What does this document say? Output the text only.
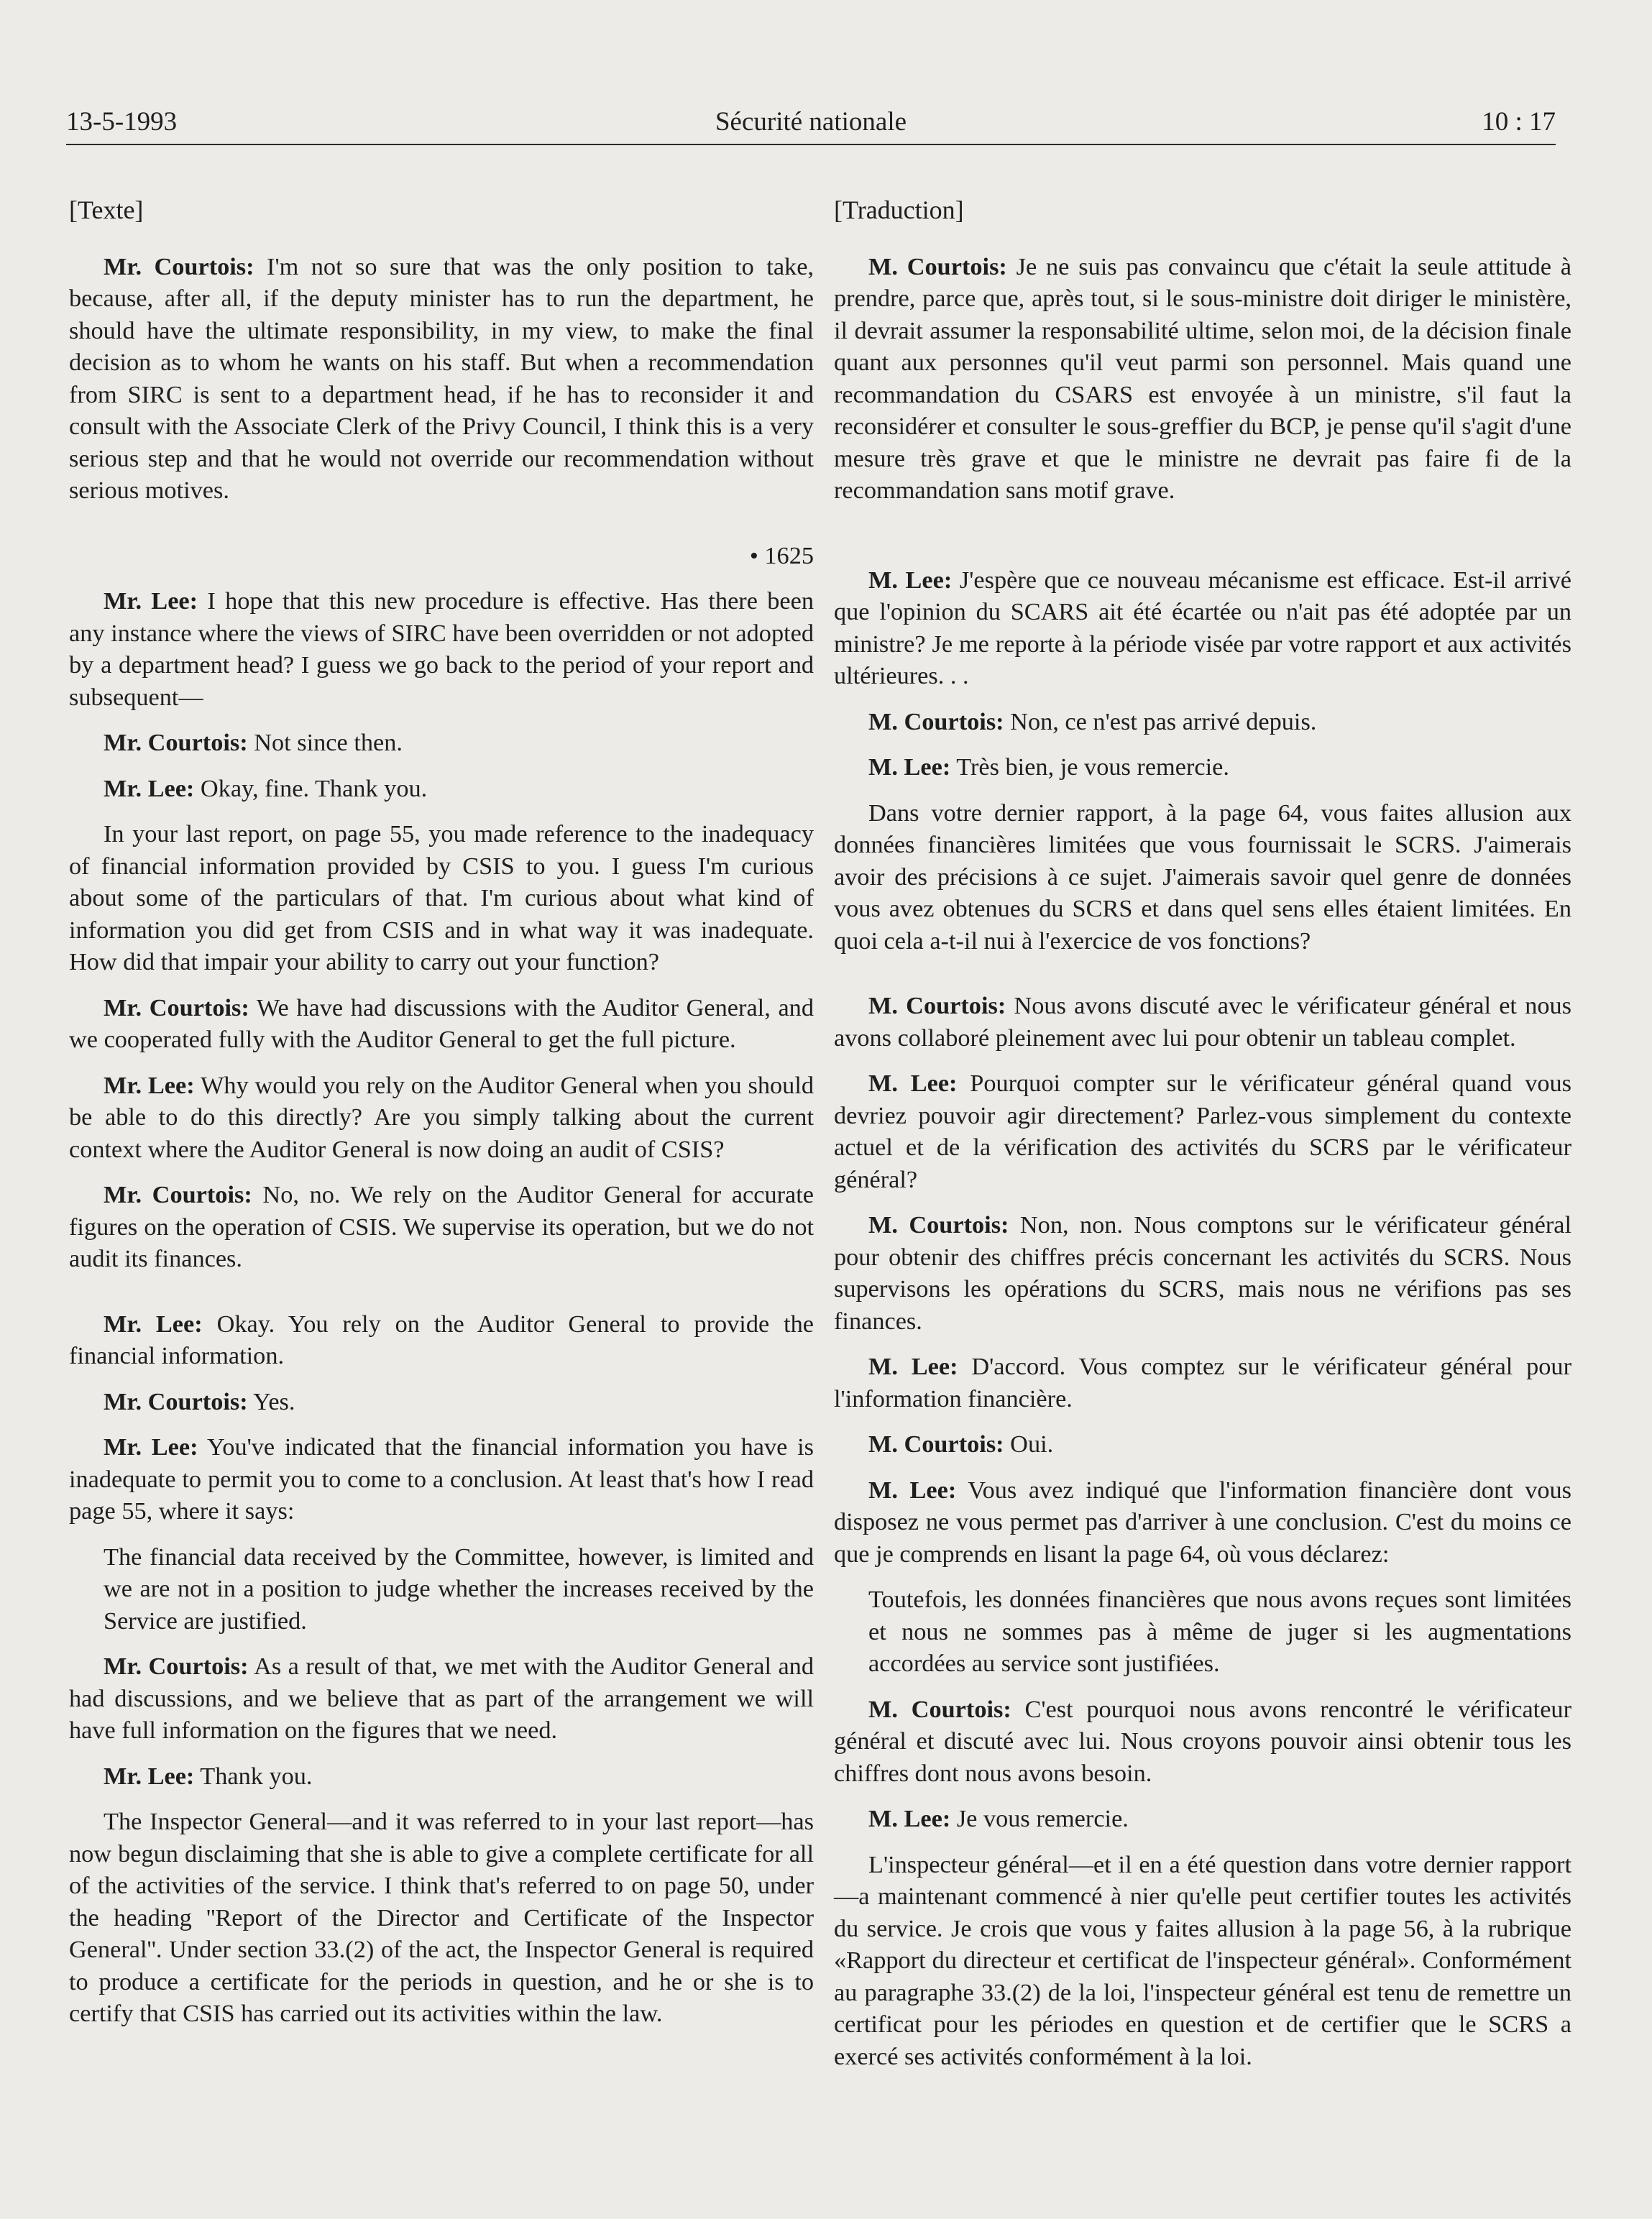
13-5-1993	Sécurité nationale	10 : 17

[Texte]

Mr. Courtois: I'm not so sure that was the only position to take, because, after all, if the deputy minister has to run the department, he should have the ultimate responsibility, in my view, to make the final decision as to whom he wants on his staff. But when a recommendation from SIRC is sent to a department head, if he has to reconsider it and consult with the Associate Clerk of the Privy Council, I think this is a very serious step and that he would not override our recommendation without serious motives.

• 1625

Mr. Lee: I hope that this new procedure is effective. Has there been any instance where the views of SIRC have been overridden or not adopted by a department head? I guess we go back to the period of your report and subsequent—

Mr. Courtois: Not since then.

Mr. Lee: Okay, fine. Thank you.

In your last report, on page 55, you made reference to the inadequacy of financial information provided by CSIS to you. I guess I'm curious about some of the particulars of that. I'm curious about what kind of information you did get from CSIS and in what way it was inadequate. How did that impair your ability to carry out your function?

Mr. Courtois: We have had discussions with the Auditor General, and we cooperated fully with the Auditor General to get the full picture.

Mr. Lee: Why would you rely on the Auditor General when you should be able to do this directly? Are you simply talking about the current context where the Auditor General is now doing an audit of CSIS?

Mr. Courtois: No, no. We rely on the Auditor General for accurate figures on the operation of CSIS. We supervise its operation, but we do not audit its finances.

Mr. Lee: Okay. You rely on the Auditor General to provide the financial information.

Mr. Courtois: Yes.

Mr. Lee: You've indicated that the financial information you have is inadequate to permit you to come to a conclusion. At least that's how I read page 55, where it says:

The financial data received by the Committee, however, is limited and we are not in a position to judge whether the increases received by the Service are justified.

Mr. Courtois: As a result of that, we met with the Auditor General and had discussions, and we believe that as part of the arrangement we will have full information on the figures that we need.

Mr. Lee: Thank you.

The Inspector General—and it was referred to in your last report—has now begun disclaiming that she is able to give a complete certificate for all of the activities of the service. I think that's referred to on page 50, under the heading ''Report of the Director and Certificate of the Inspector General''. Under section 33.(2) of the act, the Inspector General is required to produce a certificate for the periods in question, and he or she is to certify that CSIS has carried out its activities within the law.

[Traduction]

M. Courtois: Je ne suis pas convaincu que c'était la seule attitude à prendre, parce que, après tout, si le sous-ministre doit diriger le ministère, il devrait assumer la responsabilité ultime, selon moi, de la décision finale quant aux personnes qu'il veut parmi son personnel. Mais quand une recommandation du CSARS est envoyée à un ministre, s'il faut la reconsidérer et consulter le sous-greffier du BCP, je pense qu'il s'agit d'une mesure très grave et que le ministre ne devrait pas faire fi de la recommandation sans motif grave.

M. Lee: J'espère que ce nouveau mécanisme est efficace. Est-il arrivé que l'opinion du SCARS ait été écartée ou n'ait pas été adoptée par un ministre? Je me reporte à la période visée par votre rapport et aux activités ultérieures. . .

M. Courtois: Non, ce n'est pas arrivé depuis.

M. Lee: Très bien, je vous remercie.

Dans votre dernier rapport, à la page 64, vous faites allusion aux données financières limitées que vous fournissait le SCRS. J'aimerais avoir des précisions à ce sujet. J'aimerais savoir quel genre de données vous avez obtenues du SCRS et dans quel sens elles étaient limitées. En quoi cela a-t-il nui à l'exercice de vos fonctions?

M. Courtois: Nous avons discuté avec le vérificateur général et nous avons collaboré pleinement avec lui pour obtenir un tableau complet.

M. Lee: Pourquoi compter sur le vérificateur général quand vous devriez pouvoir agir directement? Parlez-vous simplement du contexte actuel et de la vérification des activités du SCRS par le vérificateur général?

M. Courtois: Non, non. Nous comptons sur le vérificateur général pour obtenir des chiffres précis concernant les activités du SCRS. Nous supervisons les opérations du SCRS, mais nous ne vérifions pas ses finances.

M. Lee: D'accord. Vous comptez sur le vérificateur général pour l'information financière.

M. Courtois: Oui.

M. Lee: Vous avez indiqué que l'information financière dont vous disposez ne vous permet pas d'arriver à une conclusion. C'est du moins ce que je comprends en lisant la page 64, où vous déclarez:

Toutefois, les données financières que nous avons reçues sont limitées et nous ne sommes pas à même de juger si les augmentations accordées au service sont justifiées.

M. Courtois: C'est pourquoi nous avons rencontré le vérificateur général et discuté avec lui. Nous croyons pouvoir ainsi obtenir tous les chiffres dont nous avons besoin.

M. Lee: Je vous remercie.

L'inspecteur général—et il en a été question dans votre dernier rapport—a maintenant commencé à nier qu'elle peut certifier toutes les activités du service. Je crois que vous y faites allusion à la page 56, à la rubrique «Rapport du directeur et certificat de l'inspecteur général». Conformément au paragraphe 33.(2) de la loi, l'inspecteur général est tenu de remettre un certificat pour les périodes en question et de certifier que le SCRS a exercé ses activités conformément à la loi.
